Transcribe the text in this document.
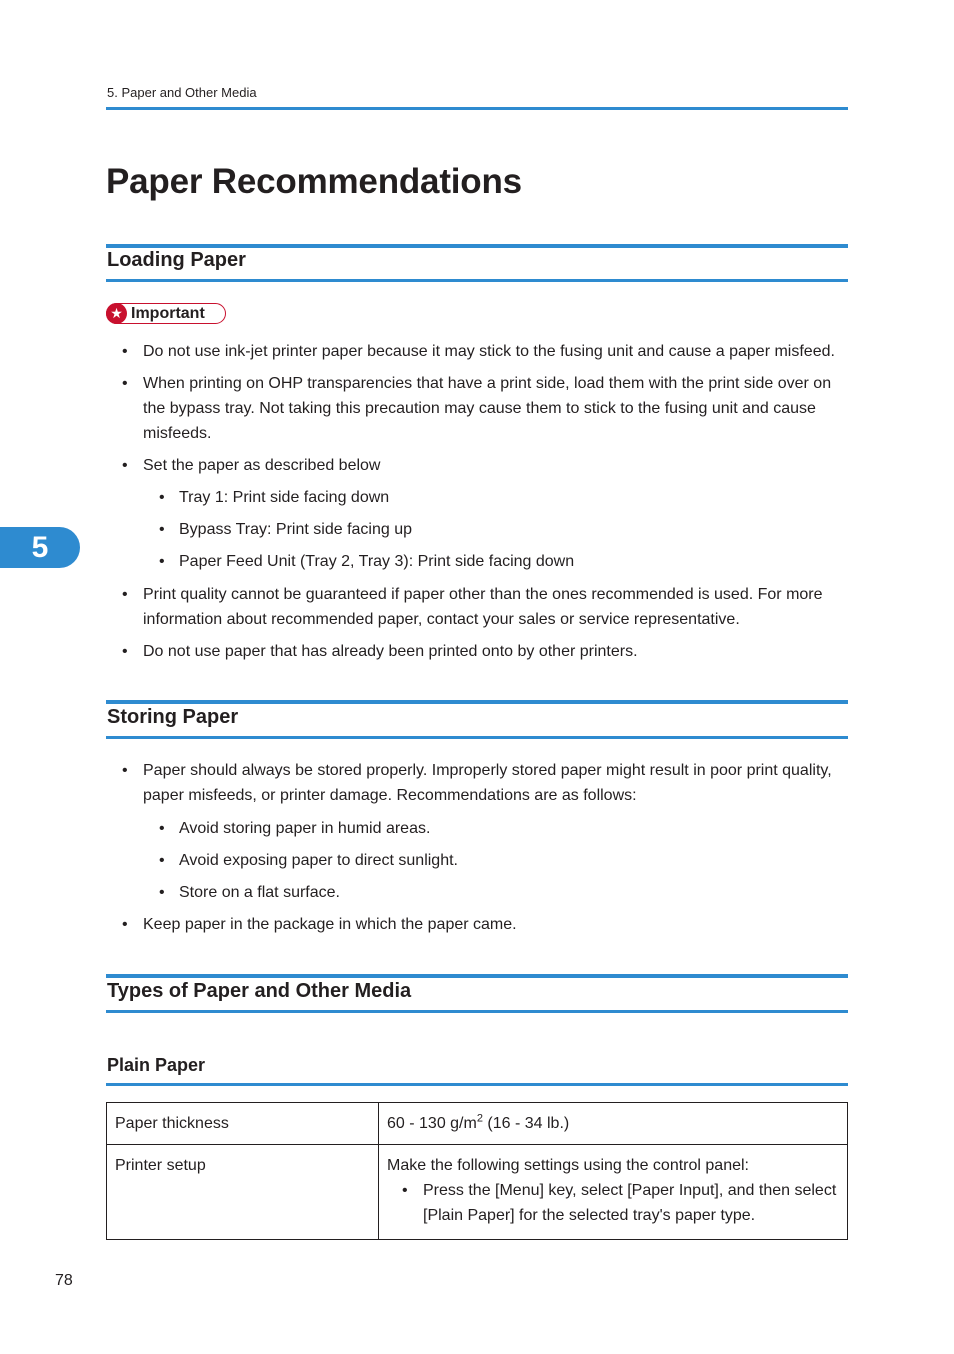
5. Paper and Other Media
Paper Recommendations
Loading Paper
★ Important
• Do not use ink-jet printer paper because it may stick to the fusing unit and cause a paper misfeed.
• When printing on OHP transparencies that have a print side, load them with the print side over on
the bypass tray. Not taking this precaution may cause them to stick to the fusing unit and cause
misfeeds.
• Set the paper as described below
• Tray 1: Print side facing down
• Bypass Tray: Print side facing up
• Paper Feed Unit (Tray 2, Tray 3): Print side facing down
• Print quality cannot be guaranteed if paper other than the ones recommended is used. For more
information about recommended paper, contact your sales or service representative.
• Do not use paper that has already been printed onto by other printers.
5
Storing Paper
• Paper should always be stored properly. Improperly stored paper might result in poor print quality,
paper misfeeds, or printer damage. Recommendations are as follows:
• Avoid storing paper in humid areas.
• Avoid exposing paper to direct sunlight.
• Store on a flat surface.
• Keep paper in the package in which the paper came.
Types of Paper and Other Media
Plain Paper
Paper thickness	60 - 130 $g/m^2$ (16 - 34 lb.)
Printer setup	Make the following settings using the control panel:
• Press the [Menu] key, select [Paper Input], and then select
[Plain Paper] for the selected tray's paper type.
78
